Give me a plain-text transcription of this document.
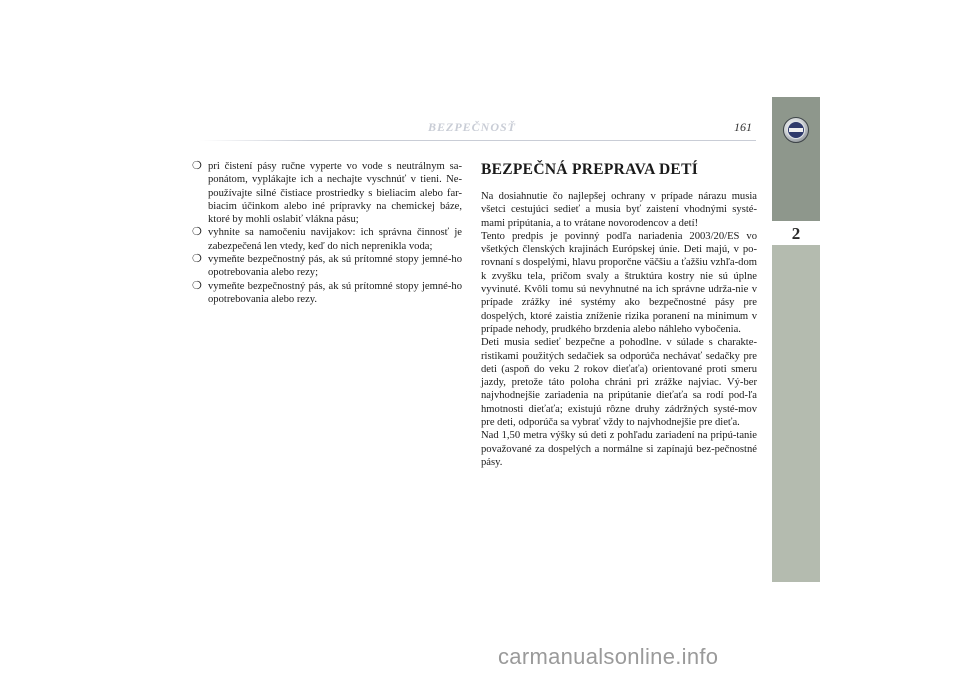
BEZPEČNOSŤ	161
2
❍ pri čistení pásy ručne vyperte vo vode s neutrálnym sa-ponátom, vyplákajte ich a nechajte vyschnúť v tieni. Ne-používajte silné čistiace prostriedky s bieliacim alebo far-biacim účinkom alebo iné prípravky na chemickej báze, ktoré by mohli oslabiť vlákna pásu;
❍ vyhnite sa namočeniu navijakov: ich správna činnosť je zabezpečená len vtedy, keď do nich neprenikla voda;
❍ vymeňte bezpečnostný pás, ak sú prítomné stopy jemné-ho opotrebovania alebo rezy;
❍ vymeňte bezpečnostný pás, ak sú prítomné stopy jemné-ho opotrebovania alebo rezy.
BEZPEČNÁ PREPRAVA DETÍ

Na dosiahnutie čo najlepšej ochrany v prípade nárazu musia všetci cestujúci sedieť a musia byť zaistení vhodnými systé-mami pripútania, a to vrátane novorodencov a detí!
Tento predpis je povinný podľa nariadenia 2003/20/ES vo všetkých členských krajinách Európskej únie. Deti majú, v po-rovnaní s dospelými, hlavu proporčne väčšiu a ťažšiu vzhľa-dom k zvyšku tela, pričom svaly a štruktúra kostry nie sú úplne vyvinuté. Kvôli tomu sú nevyhnutné na ich správne udrža-nie v prípade zrážky iné systémy ako bezpečnostné pásy pre dospelých, ktoré zaistia zníženie rizika poranení na minimum v prípade nehody, prudkého brzdenia alebo náhleho vybočenia.
Deti musia sedieť bezpečne a pohodlne. v súlade s charakte-ristikami použitých sedačiek sa odporúča nechávať sedačky pre deti (aspoň do veku 2 rokov dieťaťa) orientované proti smeru jazdy, pretože táto poloha chráni pri zrážke najviac. Vý-ber najvhodnejšie zariadenia na pripútanie dieťaťa sa rodí pod-ľa hmotnosti dieťaťa; existujú rôzne druhy zádržných systé-mov pre deti, odporúča sa vybrať vždy to najvhodnejšie pre dieťa.
Nad 1,50 metra výšky sú deti z pohľadu zariadení na pripú-tanie považované za dospelých a normálne si zapínajú bez-pečnostné pásy.

carmanualsonline.info
